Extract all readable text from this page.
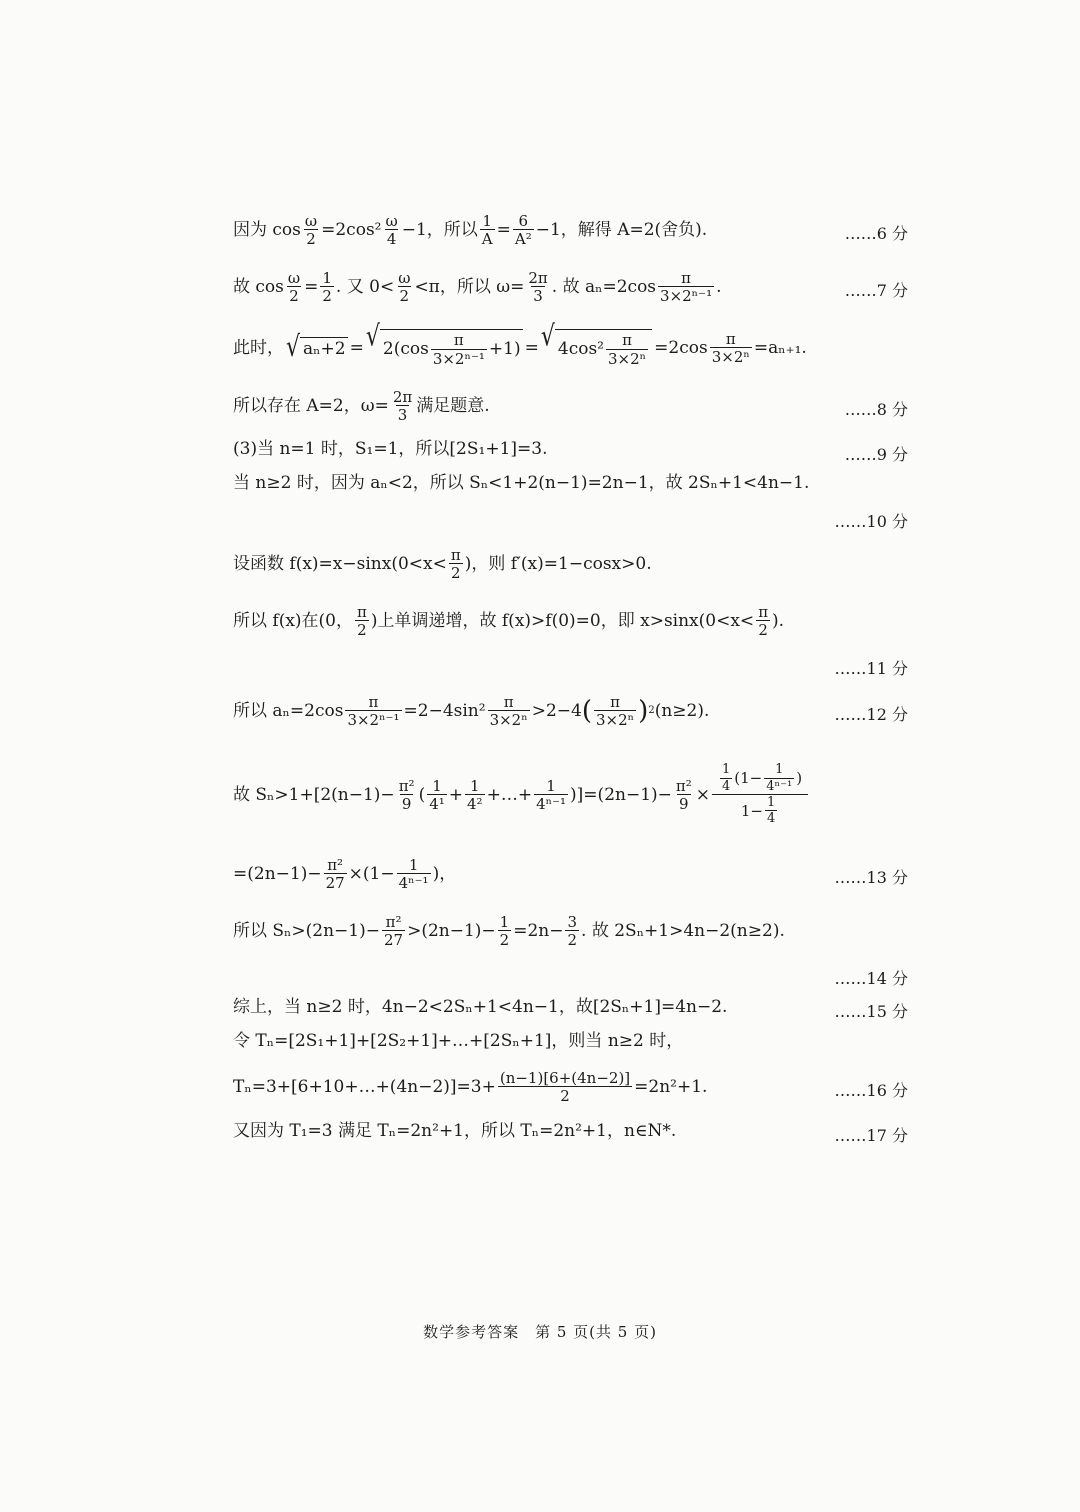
因为 $\cos \frac{\omega}{2} =2\cos^2 \frac{\omega}{4} -1$，所以 $\frac{1}{A} = \frac{6}{\text{A²}} -1$，解得 A=2(舍负).	……6 分
故 $\cos \frac{\omega}{2} = \frac{1}{2}$ . 又 $0< \frac{\omega}{2} <\pi$，所以 $\omega= \frac{2\pi}{3}$ . 故 $a_n=2\cos \frac{\pi}{\text{3×2ⁿ⁻¹}}$ .	……7 分
此时， √ aₙ+2 = √ $2(\cos \frac{\pi}{\text{3×2ⁿ⁻¹}} +1)$ = √ $4\cos^2 \frac{\pi}{\text{3×2ⁿ}} =2\cos \frac{\pi}{\text{3×2ⁿ}} =a_{n+1}$.
所以存在 A=2，$\omega= \frac{2\pi}{3}$ 满足题意.	……8 分
(3)当 n=1 时，S₁=1，所以[2S₁+1]=3.	……9 分
当 n≥2 时，因为 aₙ<2，所以 Sₙ<1+2(n−1)=2n−1，故 2Sₙ+1<4n−1.
……10 分
设函数 $f(x)=x-\sin x(0<x< \frac{\pi}{2}$ )，则 f′(x)=1−cosx>0.
所以 f(x)在(0， $\frac{\pi}{2}$ )上单调递增，故 f(x)>f(0)=0，即 $x>\sin x(0<x< \frac{\pi}{2}$ ).
……11 分
所以 $a_n=2\cos \frac{\pi}{\text{3×2ⁿ⁻¹}} =2-4\sin^2 \frac{\pi}{\text{3×2ⁿ}} >2-4$ ( $\frac{\pi}{\text{3×2ⁿ}}$ ) 2 (n≥2).	……12 分
故 $S_n>1+[2(n-1)- \frac{\text{π²}}{9}$ ( $\frac{1}{\text{4¹}} + \frac{1}{\text{4²}}$ +…+ $\frac{1}{\text{4ⁿ⁻¹}} )]=(2n-1)- \frac{\text{π²}}{9} \times \frac{\frac{1}{4} (1- \frac{1}{\text{4ⁿ⁻¹}} )}{1- \frac{1}{4}}$
$=(2n-1)- \frac{\text{π²}}{27} \times(1- \frac{1}{\text{4ⁿ⁻¹}}$ )，	……13 分
所以 $S_n>(2n-1)- \frac{\text{π²}}{27} >(2n-1)- \frac{1}{2} =2n- \frac{3}{2}$ . 故 2Sₙ+1>4n−2(n≥2).
……14 分
综上，当 n≥2 时，4n−2<2Sₙ+1<4n−1，故[2Sₙ+1]=4n−2.	……15 分
令 Tₙ=[2S₁+1]+[2S₂+1]+…+[2Sₙ+1]，则当 n≥2 时，
Tₙ=3+[6+10+…+(4n−2)]=3+ $\frac{(n-1)[6+(4n-2)]}{2} =2n^2+1$.	……16 分
又因为 T₁=3 满足 Tₙ=2n²+1，所以 Tₙ=2n²+1，n∈N*.	……17 分
数学参考答案　第 5 页(共 5 页)
